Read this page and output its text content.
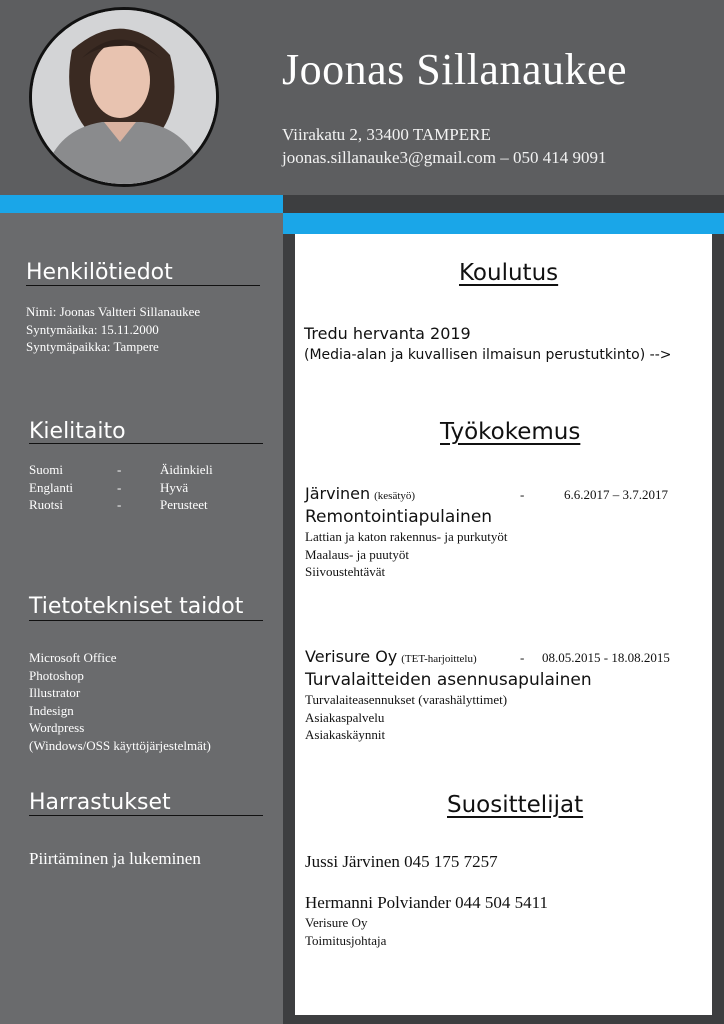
Joonas Sillanaukee
Viirakatu 2, 33400 TAMPERE
joonas.sillanauke3@gmail.com – 050 414 9091
Henkilötiedot
Nimi: Joonas Valtteri Sillanaukee
Syntymäaika: 15.11.2000
Syntymäpaikka: Tampere
Kielitaito
Suomi	-	Äidinkieli
Englanti	-	Hyvä
Ruotsi	-	Perusteet
Tietotekniset taidot
Microsoft Office
Photoshop
Illustrator
Indesign
Wordpress
(Windows/OSS käyttöjärjestelmät)
Harrastukset
Piirtäminen ja lukeminen
Koulutus
Tredu hervanta 2019
(Media-alan ja kuvallisen ilmaisun perustutkinto) -->
Työkokemus
Järvinen (kesätyö)	-	6.6.2017 – 3.7.2017
Remontointiapulainen
Lattian ja katon rakennus- ja purkutyöt
Maalaus- ja puutyöt
Siivoustehtävät
Verisure Oy (TET-harjoittelu)	- 08.05.2015 - 18.08.2015
Turvalaitteiden asennusapulainen
Turvalaiteasennukset (varashälyttimet)
Asiakaspalvelu
Asiakaskäynnit
Suosittelijat
Jussi Järvinen 045 175 7257
Hermanni Polviander 044 504 5411
Verisure Oy
Toimitusjohtaja
